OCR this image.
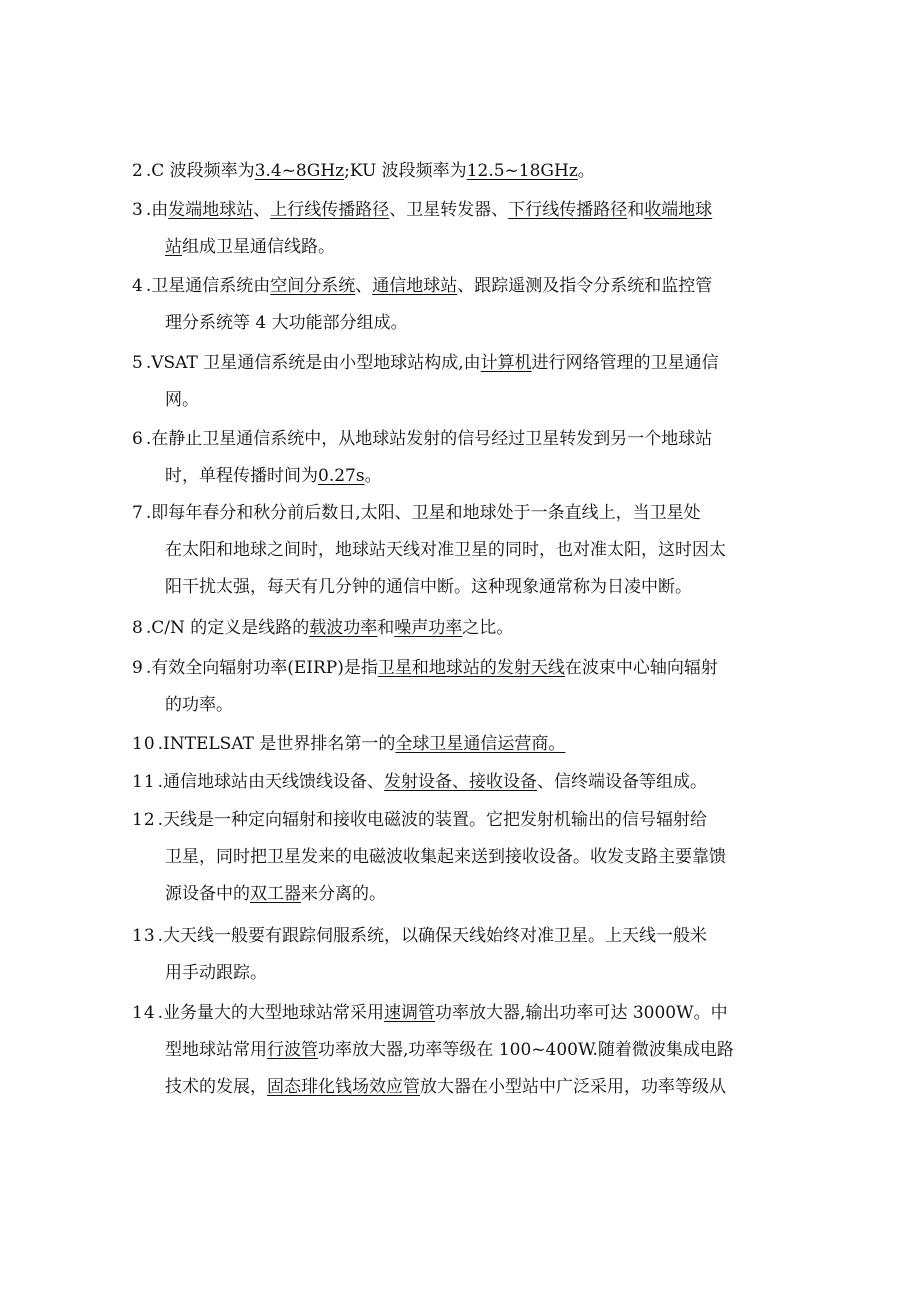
2 .C 波段频率为3.4~8GHz;KU 波段频率为12.5~18GHz。
3 .由发端地球站、上行线传播路径、卫星转发器、下行线传播路径和收端地球
站组成卫星通信线路。
4 .卫星通信系统由空间分系统、通信地球站、跟踪遥测及指令分系统和监控管
理分系统等 4 大功能部分组成。
5 .VSAT 卫星通信系统是由小型地球站构成,由计算机进行网络管理的卫星通信
网。
6 .在静止卫星通信系统中，从地球站发射的信号经过卫星转发到另一个地球站
时，单程传播时间为0.27s。
7 .即每年春分和秋分前后数日,太阳、卫星和地球处于一条直线上，当卫星处
在太阳和地球之间时，地球站天线对准卫星的同时，也对准太阳，这时因太
阳干扰太强，每天有几分钟的通信中断。这种现象通常称为日凌中断。
8 .C/N 的定义是线路的载波功率和噪声功率之比。
9 .有效全向辐射功率(EIRP)是指卫星和地球站的发射天线在波束中心轴向辐射
的功率。
10 .INTELSAT 是世界排名第一的全球卫星通信运营商。
11 .通信地球站由天线馈线设备、发射设备、接收设备、信终端设备等组成。
12 .天线是一种定向辐射和接收电磁波的装置。它把发射机输出的信号辐射给
卫星，同时把卫星发来的电磁波收集起来送到接收设备。收发支路主要靠馈
源设备中的双工器来分离的。
13 .大天线一般要有跟踪伺服系统，以确保天线始终对准卫星。上天线一般米
用手动跟踪。
14 .业务量大的大型地球站常采用速调管功率放大器,输出功率可达 3000W。中
型地球站常用行波管功率放大器,功率等级在 100~400W.随着微波集成电路
技术的发展，固态琲化钱场效应管放大器在小型站中广泛采用，功率等级从
